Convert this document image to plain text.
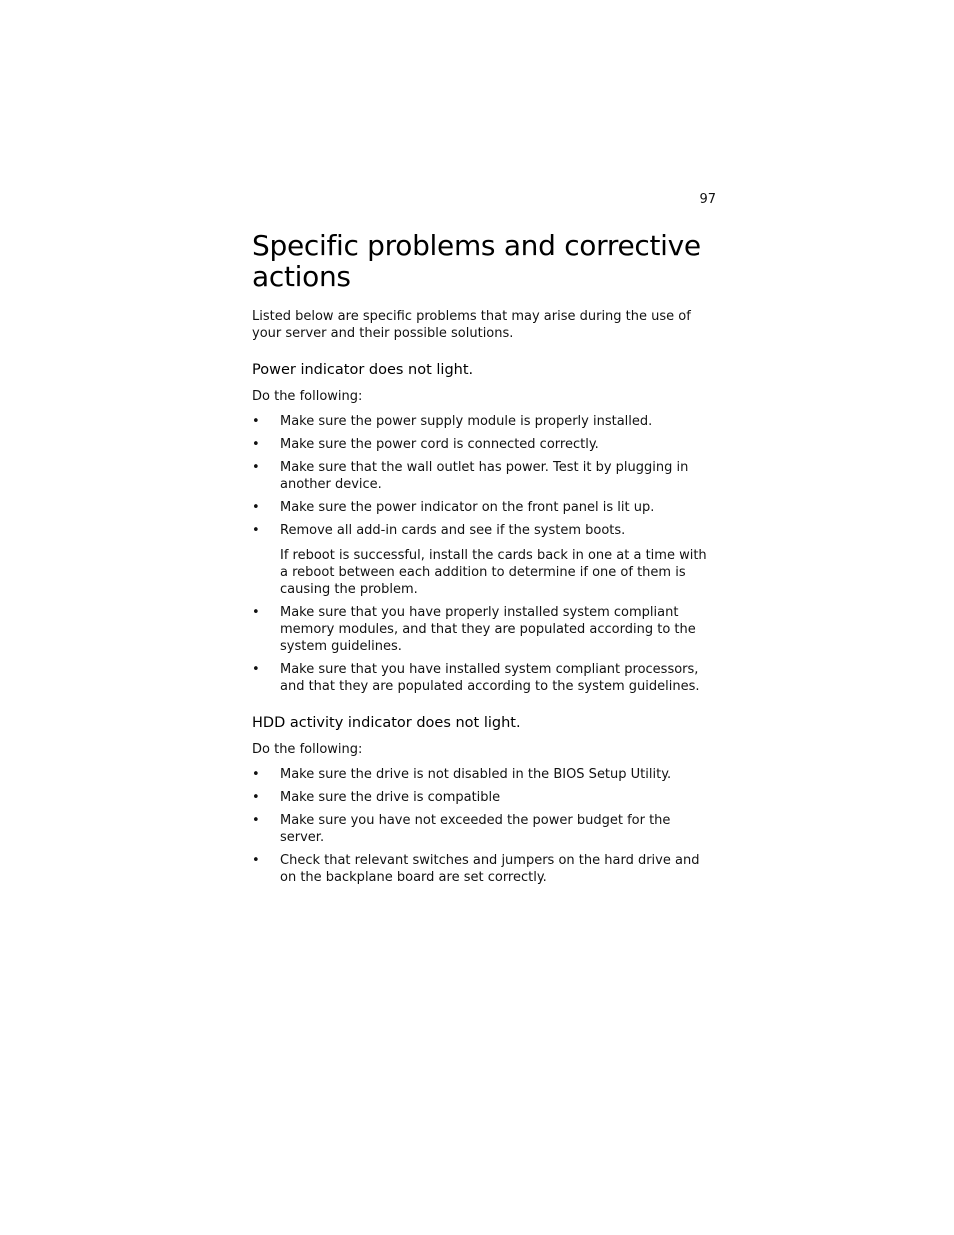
97
Specific problems and corrective actions

Listed below are specific problems that may arise during the use of your server and their possible solutions.

Power indicator does not light.

Do the following:

• Make sure the power supply module is properly installed.
• Make sure the power cord is connected correctly.
• Make sure that the wall outlet has power. Test it by plugging in another device.
• Make sure the power indicator on the front panel is lit up.
• Remove all add-in cards and see if the system boots.
If reboot is successful, install the cards back in one at a time with a reboot between each addition to determine if one of them is causing the problem.
• Make sure that you have properly installed system compliant memory modules, and that they are populated according to the system guidelines.
• Make sure that you have installed system compliant processors, and that they are populated according to the system guidelines.
HDD activity indicator does not light.

Do the following:

• Make sure the drive is not disabled in the BIOS Setup Utility.
• Make sure the drive is compatible
• Make sure you have not exceeded the power budget for the server.
• Check that relevant switches and jumpers on the hard drive and on the backplane board are set correctly.
